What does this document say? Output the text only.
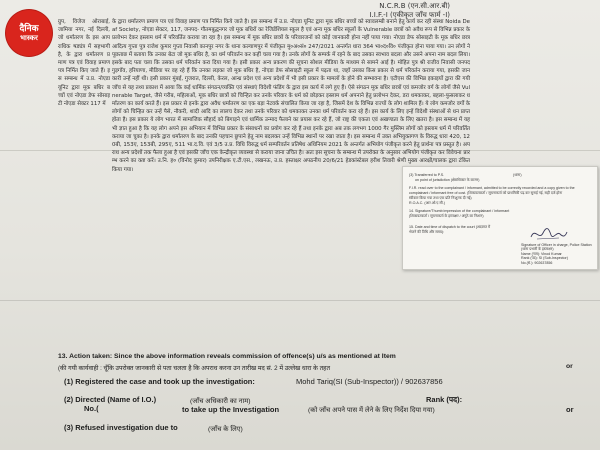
N.C.R.B (एन.सी.आर.बी)
I.I.F.-I (एकीकृत जाँच फार्म -I)

ग्रुप, विजेज ओराबाई, जामिया नगर, नई दिल्ली, जो धर्मांतरण के इस आपराधिक षड्यंत्र में सहभागी है, के द्वारा धर्मांतरण प्रमाण पत्र एवं विवाह प्रमाण पत्र निर्मित किए जाते हैं। इस सम्बन्ध में उ.प्र. नोएडा यूनिट द्वारा मूक बधिर बच्चों एवं नोएडा डेफ सोसाइटी नोएडा सेक्टर 117 में

के द्वारा धर्मांतरण प्रमाण पत्र एवं विवाह प्रमाण पत्र निर्मित किये जाते है। इस सम्बन्ध में उ.प्र. नोएडा यूनिट द्वारा मूक बधिर बच्चों को स्वावलम्बी बनाने हेतु कार्य कर रही संस्था Noida Deaf Society, नोएडा सेक्टर, 117, जनपद- गौतमबुद्धनगर जो मूक बधिरों का रेजिडेंशियल स्कूल है एवं अन्य मूक बधिर स्कूलों के Vulnerable छात्रों को अवैध रूप से विभिन्न प्रकार के प्रलोभन देकर इस्लाम धर्म में परिवर्तित कराया जा रहा है। इस सम्बन्ध में मूक बधिर छात्रों के परिवारजनों को कोई जानकारी होना नहीं पाया गया। नोएडा डेफ सोसाइटी के मूक बधिर छात्र आदित्य गुप्ता पुत्र राजेश कुमार गुप्ता निवासी कानपुर नगर के थाना कल्याणपुर में पंजीकृत मु०अ०सं० 247/2021 अन्तर्गत धारा 364 भा०द०वि० पंजीकृत होना पाया गया। उन लोगों ने पूछताछ में बताया कि उनका बेटा जो मूक बधिर है, का धर्म परिवर्तन कर कहीं चला गया है। उनके लोगों के सम्पर्क में रहने के बाद उसका स्वभाव बदला और उसने अपना नाम बदल लिया। इसके बाद पता चला कि उसका धर्म परिवर्तन करा दिया गया है। इसी प्रकार अन्य प्रकरण की सूचना सोशल मीडिया के माध्यम से सामने आई है। मोहित पुत्र श्री राजीव निवासी जनपद गुड़गाँव, हरियाणा, मीडिया पर वह रहे हैं कि उनका लड़का जो मूक बधिर है, नोएडा डेफ सोसाइटी स्कूल में पढ़ता था, जहाँ उसका किस प्रकार से धर्म परिवर्तन कराया गया, इसकी जानकारी उन्हें नहीं थी। इसी प्रकार मुंबई, गुजरात, दिल्ली, केरल, आन्ध्र प्रदेश एवं अन्य प्रदेशों में भी इसी प्रकार के मामलों के होने की सम्भावना है। एटीएस की विभिन्न इकाइयों द्वारा की गयी जाँच से यह तथ्य प्रकाश में आया कि कई धार्मिक संगठन/व्यक्ति एवं संस्थाएं विदेशी फंडिंग के द्वारा इस कार्य में लगे हुए हैं। ऐसे संगठन मूक बधिर छात्रों एवं कमजोर वर्ग के लोगों जैसे Vulnerable Target, जैसे गरीब, महिलाओं, मूक बधिर छात्रों को चिन्हित कर उनके परिवार के धर्म को छोड़कर इस्लाम धर्म अपनाने हेतु प्रलोभन देकर, डरा धमकाकर, बहला-फुसलाकर धर्मांतरण का कार्य करते हैं। इस प्रकार से इनके द्वारा अवैध धर्मांतरण का एक बड़ा नेटवर्क संचालित किया जा रहा है, जिसमें देश के विभिन्न राज्यों के लोग शामिल हैं। ये लोग कमजोर वर्गों के लोगों को चिन्हित कर उन्हें पैसे, नौकरी, शादी आदि का लालच देकर तथा उनके परिवार को धमकाकर उनका धर्म परिवर्तन करा रहे हैं। इस कार्य के लिए इन्हें विदेशी संस्थाओं से धन प्राप्त होता है। इस प्रकार ये लोग भारत में सामाजिक सौहार्द को बिगाड़ने एवं धार्मिक उन्माद फैलाने का प्रयास कर रहे हैं, जो राष्ट्र की एकता एवं अखण्डता के लिए खतरा है। इस सम्बन्ध में यह भी ज्ञात हुआ है कि यह लोग अपने इस अभियान में विभिन्न प्रकार के संसाधनों का प्रयोग कर रहे हैं तथा इनके द्वारा अब तक लगभग 1000 गैर मुस्लिम लोगों को इस्लाम धर्म में परिवर्तित कराया जा चुका है। इनके द्वारा धर्मांतरण के बाद उनकी पहचान छुपाने हेतु नाम बदलकर उन्हें विभिन्न स्थानों पर रखा जाता है। इस सम्बन्ध में उक्त अभियुक्तगण के विरुद्ध धारा 420, 120बी, 153ए, 153बी, 295ए, 511 भा.द.वि. एवं 3/5 उ.प्र. विधि विरुद्ध धर्म सम्परिवर्तन प्रतिषेध अधिनियम 2021 के अन्तर्गत अभियोग पंजीकृत करने हेतु प्रार्थना पत्र प्रस्तुत है। अपराध अन्य प्रदेशों तक फैला हुआ है एवं इसकी जाँच एक केन्द्रीकृत व्यवस्था से कराया जाना उचित है। अतः इस सूचना के सम्बन्ध में उपरोक्त के अनुसार अभियोग पंजीकृत कर विवेचना प्रारम्भ करने का कष्ट करें। उ.नि. ह० (विनोद कुमार) उपनिरीक्षक ए.टी.एस., लखनऊ, उ.प्र. हस्ताक्षर अपठनीय 20/6/21 हेडकांस्टेबल हरीश तिवारी श्रेणी मुख्य आरक्षी/चालक द्वारा टंकित किया गया।

13. Action taken: Since the above information reveals commission of offence(s) u/s as mentioned at Item
(की गयी कार्यवाही : चूँकि उपरोक्त जानकारी से पता चलता है कि अपराध करना उन तारीख मद सं. 2 में उल्लेख धारा के तहत	or
(1) Registered the case and took up the investigation:	Mohd Tariq(SI (Sub-Inspector)) / 902637856
(2) Directed (Name of I.O.)	(जाँच अधिकारी का नाम)	Rank (पद):
No.(	to take up the Investigation	(को जाँच अपने पास में लेने के लिए निर्देश दिया गया)	or
(3) Refused investigation due to	(जाँच के लिए)
दैनिक
भास्कर
(3) Transferred to P.S.	(थाना)
on point of jurisdiction (क्षेत्राधिकार के कारण)
F.I.R. read over to the complainant / informant, admitted to be correctly recorded and a copy given to the
complainant / informant free of cost. (शिकायतकर्ता / सूचनाकर्ता को प्राथमिकी पढ़ कर सुनाई गई, सही दर्ज होना
स्वीकार किया गया तथा एक प्रति निःशुल्क दी गई)
R.O.A.C. (आर.ओ.ए.सी.)
14. Signature/Thumb impression of the complainant / informant
(शिकायतकर्ता / सूचनाकर्ता के हस्ताक्षर / अंगूठे का निशान)
15. Date and time of dispatch to the court (अदालत में
भेजने की तिथि और समय):
Signature of Officer in charge, Police Station
(थाना प्रभारी के हस्ताक्षर)
Name (नाम): Vinod Kumar
Rank (पद): SI (Sub-Inspector)
No.(सं.): 902637856
